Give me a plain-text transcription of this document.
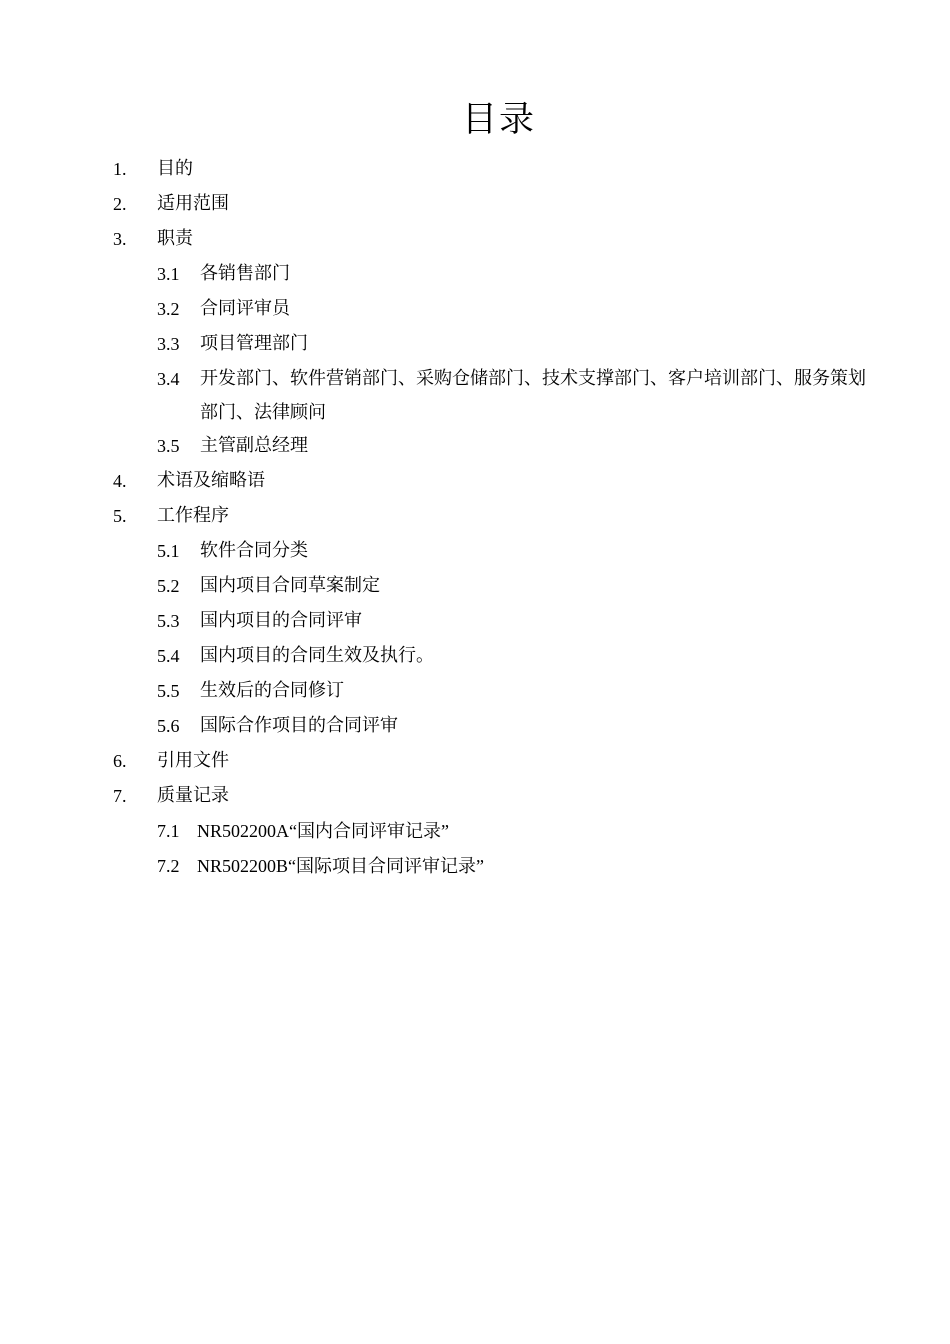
目录
1. 目的
2. 适用范围
3. 职责
3.1 各销售部门
3.2 合同评审员
3.3 项目管理部门
3.4 开发部门、软件营销部门、采购仓储部门、技术支撑部门、客户培训部门、服务策划部门、法律顾问
3.5 主管副总经理
4. 术语及缩略语
5. 工作程序
5.1 软件合同分类
5.2 国内项目合同草案制定
5.3 国内项目的合同评审
5.4 国内项目的合同生效及执行。
5.5 生效后的合同修订
5.6 国际合作项目的合同评审
6. 引用文件
7. 质量记录
7.1 NR502200A“国内合同评审记录”
7.2 NR502200B“国际项目合同评审记录”
